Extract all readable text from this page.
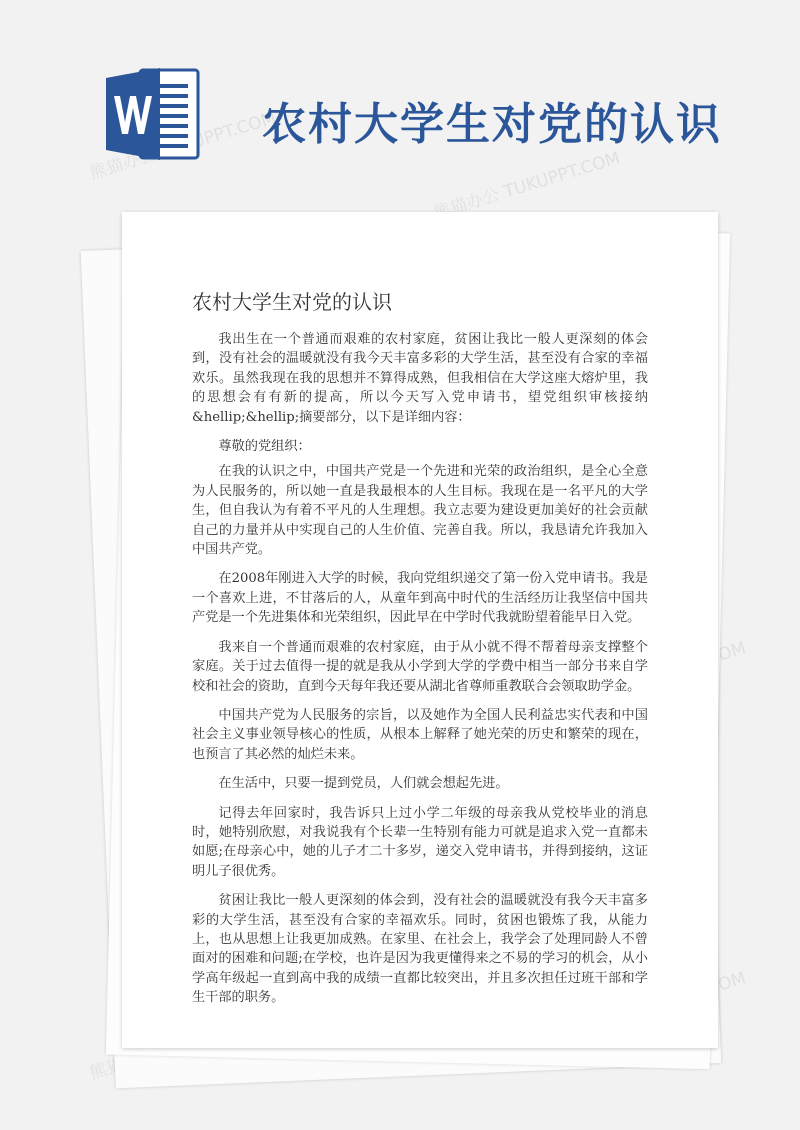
熊猫办公 TUKUPPT.COM
熊猫办公 TUKUPPT.COM
农村大学生对党的认识
农村大学生对党的认识

我出生在一个普通而艰难的农村家庭，贫困让我比一般人更深刻的体会到，没有社会的温暖就没有我今天丰富多彩的大学生活，甚至没有合家的幸福欢乐。虽然我现在我的思想并不算得成熟，但我相信在大学这座大熔炉里，我的思想会有有新的提高，所以今天写入党申请书，望党组织审核接纳&hellip;&hellip;摘要部分，以下是详细内容：

尊敬的党组织：

在我的认识之中，中国共产党是一个先进和光荣的政治组织，是全心全意为人民服务的，所以她一直是我最根本的人生目标。我现在是一名平凡的大学生，但自我认为有着不平凡的人生理想。我立志要为建设更加美好的社会贡献自己的力量并从中实现自己的人生价值、完善自我。所以，我恳请允许我加入中国共产党。

在2008年刚进入大学的时候，我向党组织递交了第一份入党申请书。我是一个喜欢上进，不甘落后的人，从童年到高中时代的生活经历让我坚信中国共产党是一个先进集体和光荣组织，因此早在中学时代我就盼望着能早日入党。

我来自一个普通而艰难的农村家庭，由于从小就不得不帮着母亲支撑整个家庭。关于过去值得一提的就是我从小学到大学的学费中相当一部分书来自学校和社会的资助，直到今天每年我还要从湖北省尊师重教联合会领取助学金。

中国共产党为人民服务的宗旨，以及她作为全国人民利益忠实代表和中国社会主义事业领导核心的性质，从根本上解释了她光荣的历史和繁荣的现在，也预言了其必然的灿烂未来。

在生活中，只要一提到党员，人们就会想起先进。

记得去年回家时，我告诉只上过小学二年级的母亲我从党校毕业的消息时，她特别欣慰，对我说我有个长辈一生特别有能力可就是追求入党一直都未如愿;在母亲心中，她的儿子才二十多岁，递交入党申请书，并得到接纳，这证明儿子很优秀。

贫困让我比一般人更深刻的体会到，没有社会的温暖就没有我今天丰富多彩的大学生活，甚至没有合家的幸福欢乐。同时，贫困也锻炼了我，从能力上，也从思想上让我更加成熟。在家里、在社会上，我学会了处理同龄人不曾面对的困难和问题;在学校，也许是因为我更懂得来之不易的学习的机会，从小学高年级起一直到高中我的成绩一直都比较突出，并且多次担任过班干部和学生干部的职务。
